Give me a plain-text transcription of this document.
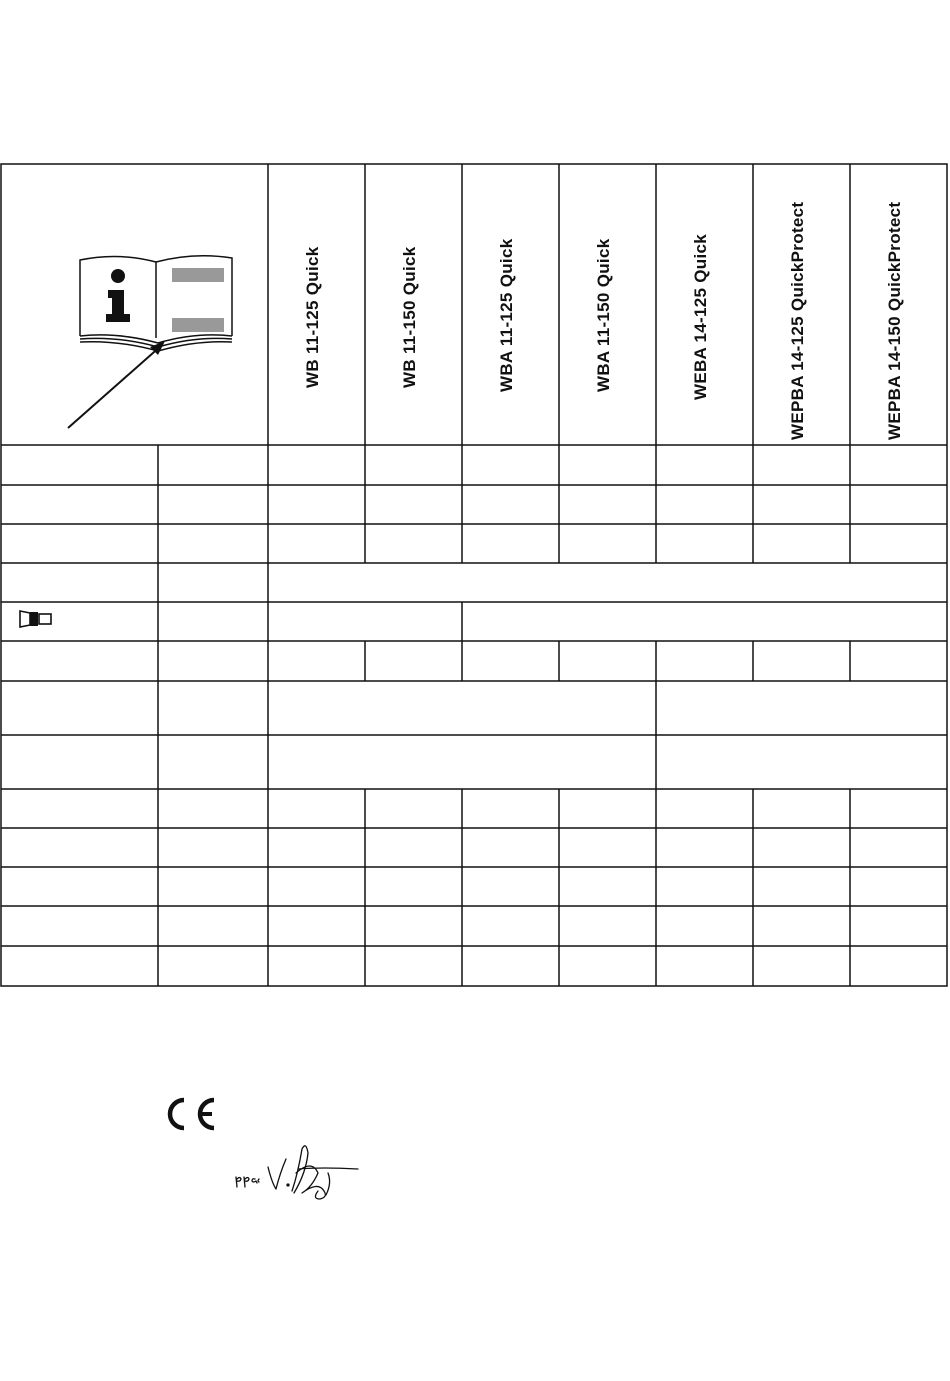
WB 11-125 Quick	WB 11-150 Quick	WBA 11-125 Quick	WBA 11-150 Quick	WEBA 14-125 Quick	WEPBA 14-125 QuickProtect	WEPBA 14-150 QuickProtect
